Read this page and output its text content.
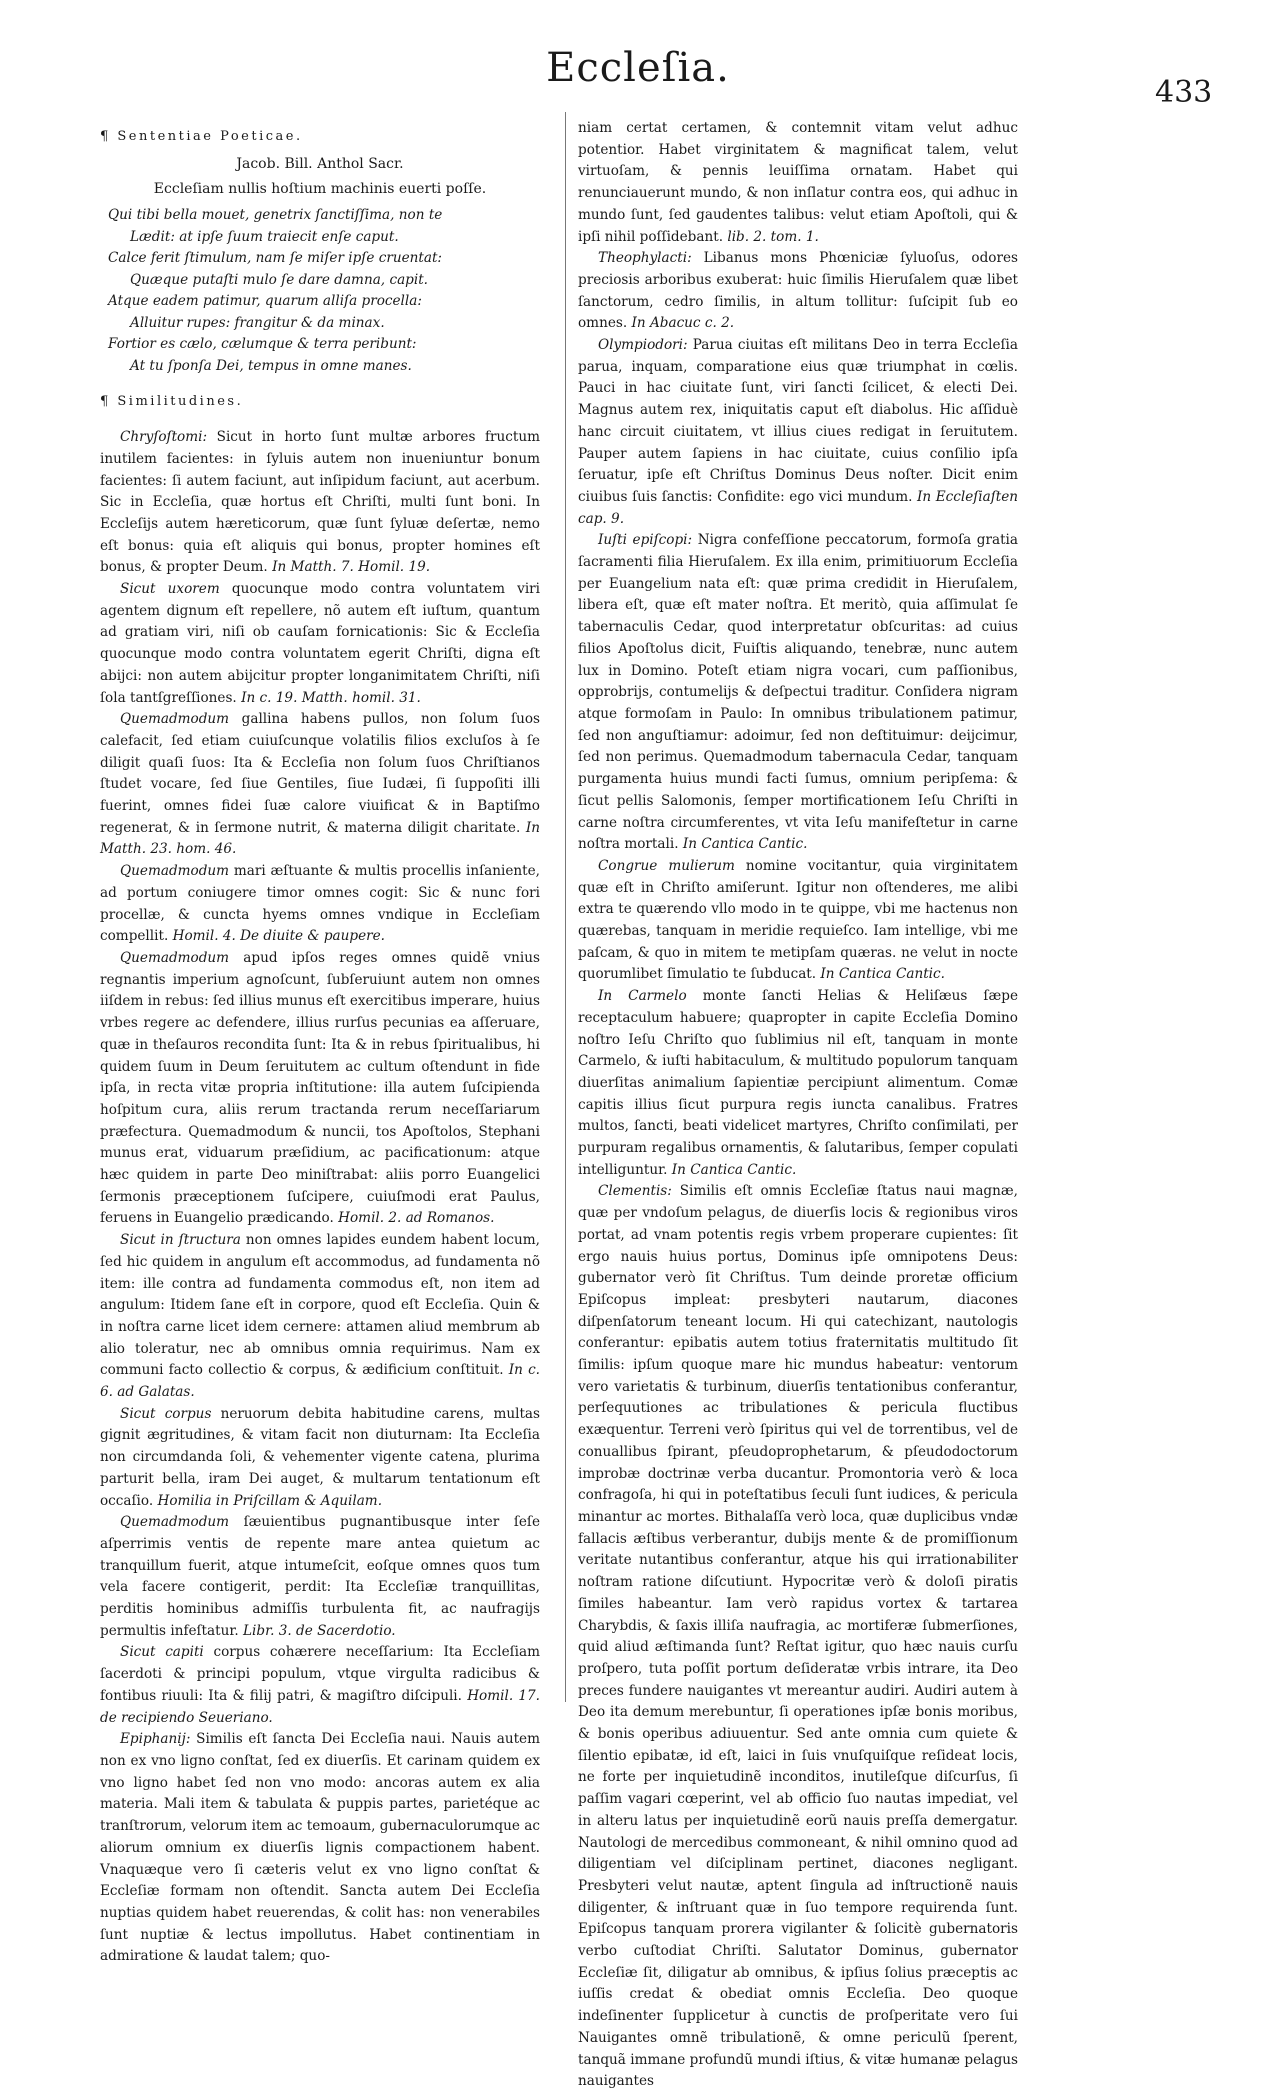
Eccleſia.
433
¶ Sententiae Poeticae.
Jacob. Bill. Anthol Sacr.
Eccleſiam nullis hoſtium machinis euerti poſſe.

Qui tibi bella mouet, genetrix ſanctiſſima, non te

Lædit: at ipſe ſuum traiecit enſe caput.

Calce ferit ſtimulum, nam ſe miſer ipſe cruentat:

Quæque putaſti mulo ſe dare damna, capit.

Atque eadem patimur, quarum alliſa procella:

Alluitur rupes: frangitur & da minax.

Fortior es cælo, cælumque & terra peribunt:

At tu ſponſa Dei, tempus in omne manes.

¶ Similitudines.

Chryſoſtomi: Sicut in horto ſunt multæ arbores fructum inutilem facientes: in ſyluis autem non inueniuntur bonum facientes: ſi autem faciunt, aut inſipidum faciunt, aut acerbum. Sic in Eccleſia, quæ hortus eſt Chriſti, multi ſunt boni. In Eccleſijs autem hæreticorum, quæ ſunt ſyluæ deſertæ, nemo eſt bonus: quia eſt aliquis qui bonus, propter homines eſt bonus, & propter Deum. In Matth. 7. Homil. 19.

Sicut uxorem quocunque modo contra voluntatem viri agentem dignum eſt repellere, nõ autem eſt iuſtum, quantum ad gratiam viri, niſi ob cauſam fornicationis: Sic & Eccleſia quocunque modo contra voluntatem egerit Chriſti, digna eſt abijci: non autem abijcitur propter longanimitatem Chriſti, niſi ſola tantſgreſſiones. In c. 19. Matth. homil. 31.

Quemadmodum gallina habens pullos, non ſolum ſuos calefacit, ſed etiam cuiuſcunque volatilis filios excluſos à ſe diligit quaſi ſuos: Ita & Eccleſia non ſolum ſuos Chriſtianos ſtudet vocare, ſed ſiue Gentiles, ſiue Iudæi, ſi ſuppoſiti illi fuerint, omnes fidei ſuæ calore viuificat & in Baptiſmo regenerat, & in ſermone nutrit, & materna diligit charitate. In Matth. 23. hom. 46.

Quemadmodum mari æſtuante & multis procellis inſaniente, ad portum coniugere timor omnes cogit: Sic & nunc fori procellæ, & cuncta hyems omnes vndique in Eccleſiam compellit. Homil. 4. De diuite & paupere.

Quemadmodum apud ipſos reges omnes quidẽ vnius regnantis imperium agnoſcunt, ſubſeruiunt autem non omnes iiſdem in rebus: ſed illius munus eſt exercitibus imperare, huius vrbes regere ac defendere, illius rurſus pecunias ea aſſeruare, quæ in theſauros recondita ſunt: Ita & in rebus ſpiritualibus, hi quidem ſuum in Deum ſeruitutem ac cultum oſtendunt in fide ipſa, in recta vitæ propria inſtitutione: illa autem ſuſcipienda hoſpitum cura, aliis rerum tractanda rerum neceſſariarum præfectura. Quemadmodum & nuncii, tos Apoſtolos, Stephani munus erat, viduarum præſidium, ac pacificationum: atque hæc quidem in parte Deo miniſtrabat: aliis porro Euangelici ſermonis præceptionem ſuſcipere, cuiuſmodi erat Paulus, feruens in Euangelio prædicando. Homil. 2. ad Romanos.

Sicut in ſtructura non omnes lapides eundem habent locum, ſed hic quidem in angulum eſt accommodus, ad fundamenta nõ item: ille contra ad fundamenta commodus eſt, non item ad angulum: Itidem ſane eſt in corpore, quod eſt Eccleſia. Quin & in noſtra carne licet idem cernere: attamen aliud membrum ab alio toleratur, nec ab omnibus omnia requirimus. Nam ex communi facto collectio & corpus, & ædificium conſtituit. In c. 6. ad Galatas.

Sicut corpus neruorum debita habitudine carens, multas gignit ægritudines, & vitam facit non diuturnam: Ita Eccleſia non circumdanda ſoli, & vehementer vigente catena, plurima parturit bella, iram Dei auget, & multarum tentationum eſt occaſio. Homilia in Priſcillam & Aquilam.

Quemadmodum ſæuientibus pugnantibusque inter ſeſe aſperrimis ventis de repente mare antea quietum ac tranquillum fuerit, atque intumeſcit, eoſque omnes quos tum vela facere contigerit, perdit: Ita Eccleſiæ tranquillitas, perditis hominibus admiſſis turbulenta fit, ac naufragijs permultis infeſtatur. Libr. 3. de Sacerdotio.

Sicut capiti corpus cohærere neceſſarium: Ita Eccleſiam ſacerdoti & principi populum, vtque virgulta radicibus & fontibus riuuli: Ita & filij patri, & magiſtro diſcipuli. Homil. 17. de recipiendo Seueriano.

Epiphanij: Similis eſt ſancta Dei Eccleſia naui. Nauis autem non ex vno ligno conſtat, ſed ex diuerſis. Et carinam quidem ex vno ligno habet ſed non vno modo: ancoras autem ex alia materia. Mali item & tabulata & puppis partes, parietéque ac tranſtrorum, velorum item ac temoaum, gubernaculorumque ac aliorum omnium ex diuerſis lignis compactionem habent. Vnaquæque vero ſi cæteris velut ex vno ligno conſtat & Eccleſiæ formam non oſtendit. Sancta autem Dei Eccleſia nuptias quidem habet reuerendas, & colit has: non venerabiles ſunt nuptiæ & lectus impollutus. Habet continentiam in admiratione & laudat talem; quo-

niam certat certamen, & contemnit vitam velut adhuc potentior. Habet virginitatem & magnificat talem, velut virtuoſam, & pennis leuiſſima ornatam. Habet qui renunciauerunt mundo, & non inſlatur contra eos, qui adhuc in mundo ſunt, ſed gaudentes talibus: velut etiam Apoſtoli, qui & ipſi nihil poſſidebant. lib. 2. tom. 1.

Theophylacti: Libanus mons Phœniciæ ſyluoſus, odores preciosis arboribus exuberat: huic ſimilis Hieruſalem quæ libet ſanctorum, cedro ſimilis, in altum tollitur: ſuſcipit ſub eo omnes. In Abacuc c. 2.

Olympiodori: Parua ciuitas eſt militans Deo in terra Eccleſia parua, inquam, comparatione eius quæ triumphat in cœlis. Pauci in hac ciuitate ſunt, viri ſancti ſcilicet, & electi Dei. Magnus autem rex, iniquitatis caput eſt diabolus. Hic aſſiduè hanc circuit ciuitatem, vt illius ciues redigat in ſeruitutem. Pauper autem ſapiens in hac ciuitate, cuius conſilio ipſa ſeruatur, ipſe eſt Chriſtus Dominus Deus noſter. Dicit enim ciuibus ſuis ſanctis: Confidite: ego vici mundum. In Eccleſiaſten cap. 9.

Iuſti epiſcopi: Nigra confeſſione peccatorum, formoſa gratia ſacramenti filia Hieruſalem. Ex illa enim, primitiuorum Eccleſia per Euangelium nata eſt: quæ prima credidit in Hieruſalem, libera eſt, quæ eſt mater noſtra. Et meritò, quia aſſimulat ſe tabernaculis Cedar, quod interpretatur obſcuritas: ad cuius filios Apoſtolus dicit, Fuiſtis aliquando, tenebræ, nunc autem lux in Domino. Poteſt etiam nigra vocari, cum paſſionibus, opprobrijs, contumelijs & deſpectui traditur. Conſidera nigram atque formoſam in Paulo: In omnibus tribulationem patimur, ſed non anguſtiamur: adoimur, ſed non deſtituimur: deijcimur, ſed non perimus. Quemadmodum tabernacula Cedar, tanquam purgamenta huius mundi facti ſumus, omnium peripſema: & ſicut pellis Salomonis, ſemper mortificationem Ieſu Chriſti in carne noſtra circumferentes, vt vita Ieſu manifeſtetur in carne noſtra mortali. In Cantica Cantic.

Congrue mulierum nomine vocitantur, quia virginitatem quæ eſt in Chriſto amiſerunt. Igitur non oſtenderes, me alibi extra te quærendo vllo modo in te quippe, vbi me hactenus non quærebas, tanquam in meridie requieſco. Iam intellige, vbi me paſcam, & quo in mitem te metipſam quæras. ne velut in nocte quorumlibet ſimulatio te ſubducat. In Cantica Cantic.

In Carmelo monte ſancti Helias & Heliſæus ſæpe receptaculum habuere; quapropter in capite Eccleſia Domino noſtro Ieſu Chriſto quo ſublimius nil eſt, tanquam in monte Carmelo, & iuſti habitaculum, & multitudo populorum tanquam diuerſitas animalium ſapientiæ percipiunt alimentum. Comæ capitis illius ſicut purpura regis iuncta canalibus. Fratres multos, ſancti, beati videlicet martyres, Chriſto conſimilati, per purpuram regalibus ornamentis, & ſalutaribus, ſemper copulati intelliguntur. In Cantica Cantic.

Clementis: Similis eſt omnis Eccleſiæ ſtatus naui magnæ, quæ per vndoſum pelagus, de diuerſis locis & regionibus viros portat, ad vnam potentis regis vrbem properare cupientes: ſit ergo nauis huius portus, Dominus ipſe omnipotens Deus: gubernator verò ſit Chriſtus. Tum deinde proretæ officium Epiſcopus impleat: presbyteri nautarum, diacones diſpenſatorum teneant locum. Hi qui catechizant, nautologis conferantur: epibatis autem totius fraternitatis multitudo ſit ſimilis: ipſum quoque mare hic mundus habeatur: ventorum vero varietatis & turbinum, diuerſis tentationibus conferantur, perſequutiones ac tribulationes & pericula fluctibus exæquentur. Terreni verò ſpiritus qui vel de torrentibus, vel de conuallibus ſpirant, pſeudoprophetarum, & pſeudodoctorum improbæ doctrinæ verba ducantur. Promontoria verò & loca confragoſa, hi qui in poteſtatibus ſeculi ſunt iudices, & pericula minantur ac mortes. Bithalaſſa verò loca, quæ duplicibus vndæ fallacis æſtibus verberantur, dubijs mente & de promiſſionum veritate nutantibus conferantur, atque his qui irrationabiliter noſtram ratione diſcutiunt. Hypocritæ verò & doloſi piratis ſimiles habeantur. Iam verò rapidus vortex & tartarea Charybdis, & ſaxis illiſa naufragia, ac mortiferæ ſubmerſiones, quid aliud æſtimanda ſunt? Reſtat igitur, quo hæc nauis curſu proſpero, tuta poſſit portum deſideratæ vrbis intrare, ita Deo preces fundere nauigantes vt mereantur audiri. Audiri autem à Deo ita demum merebuntur, ſi operationes ipſæ bonis moribus, & bonis operibus adiuuentur. Sed ante omnia cum quiete & ſilentio epibatæ, id eſt, laici in ſuis vnuſquiſque reſideat locis, ne forte per inquietudinẽ inconditos, inutileſque diſcurſus, ſi paſſim vagari cœperint, vel ab officio ſuo nautas impediat, vel in alteru latus per inquietudinẽ eorũ nauis preſſa demergatur. Nautologi de mercedibus commoneant, & nihil omnino quod ad diligentiam vel diſciplinam pertinet, diacones negligant. Presbyteri velut nautæ, aptent ſingula ad inſtructionẽ nauis diligenter, & inſtruant quæ in ſuo tempore requirenda ſunt. Epiſcopus tanquam prorera vigilanter & ſolicitè gubernatoris verbo cuſtodiat Chriſti. Salutator Dominus, gubernator Eccleſiæ ſit, diligatur ab omnibus, & ipſius ſolius præceptis ac iuſſis credat & obediat omnis Eccleſia. Deo quoque indeſinenter ſupplicetur à cunctis de proſperitate vero ſui Nauigantes omnẽ tribulationẽ, & omne periculũ ſperent, tanquã immane profundũ mundi iſtius, & vitæ humanæ pelagus nauigantes
